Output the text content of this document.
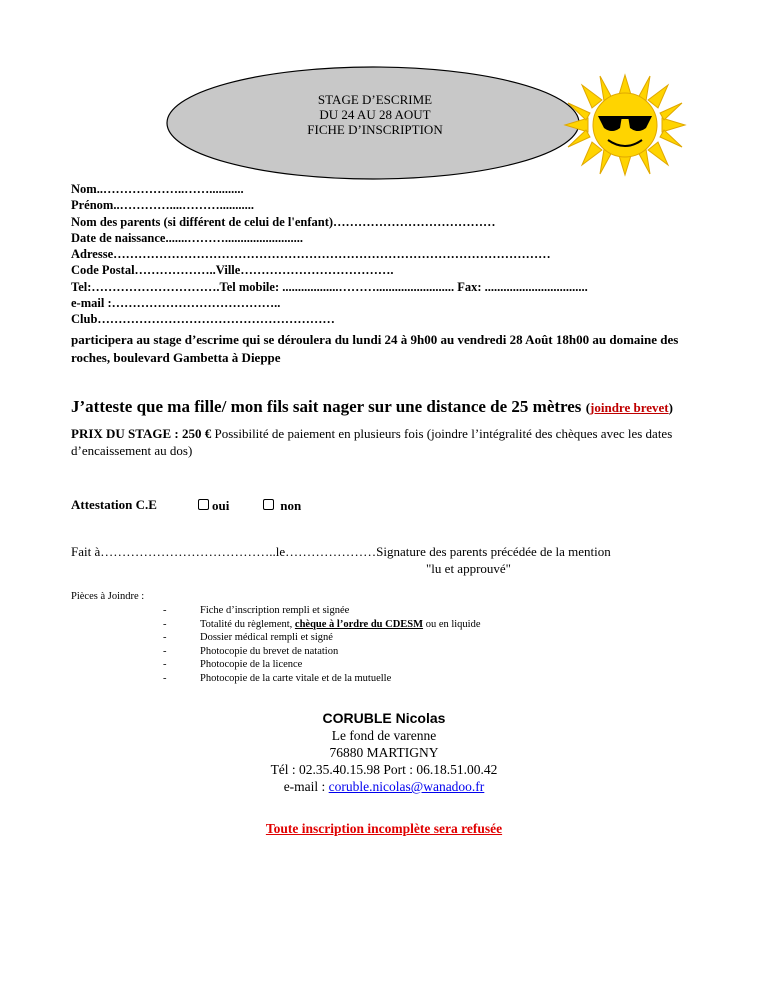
STAGE D’ESCRIME
DU 24 AU 28 AOUT
FICHE D’INSCRIPTION
Nom..………………..……...........
Prénom..…………....………...........
Nom des parents (si différent de celui de l'enfant)…………………………………
Date de naissance.......……….........................
Adresse……………………………………………………………………………………………
Code Postal………………..Ville……………………………….
Tel:………………………….Tel mobile: ..................………......................... Fax: .................................
e-mail :…………………………………..
Club…………………………………………………
participera au stage d’escrime qui se déroulera du lundi 24 à 9h00 au vendredi 28 Août 18h00 au domaine des roches, boulevard Gambetta à Dieppe
J’atteste que ma fille/ mon fils sait nager sur une distance de 25 mètres (joindre brevet)
PRIX DU STAGE : 250 € Possibilité de paiement en plusieurs fois (joindre l’intégralité des chèques avec les dates d’encaissement au dos)
Attestation C.E	oui	non
Fait à…………………………………..le…………………Signature des parents précédée de la mention
"lu et approuvé"
Pièces à Joindre :
-	Fiche d’inscription rempli et signée
-	Totalité du règlement, chèque à l’ordre du CDESM ou en liquide
-	Dossier médical rempli et signé
-	Photocopie du brevet de natation
-	Photocopie de la licence
-	Photocopie de la carte vitale et de la mutuelle
CORUBLE Nicolas
Le fond de varenne
76880 MARTIGNY
Tél : 02.35.40.15.98 Port : 06.18.51.00.42
e-mail : coruble.nicolas@wanadoo.fr
Toute inscription incomplète sera refusée
